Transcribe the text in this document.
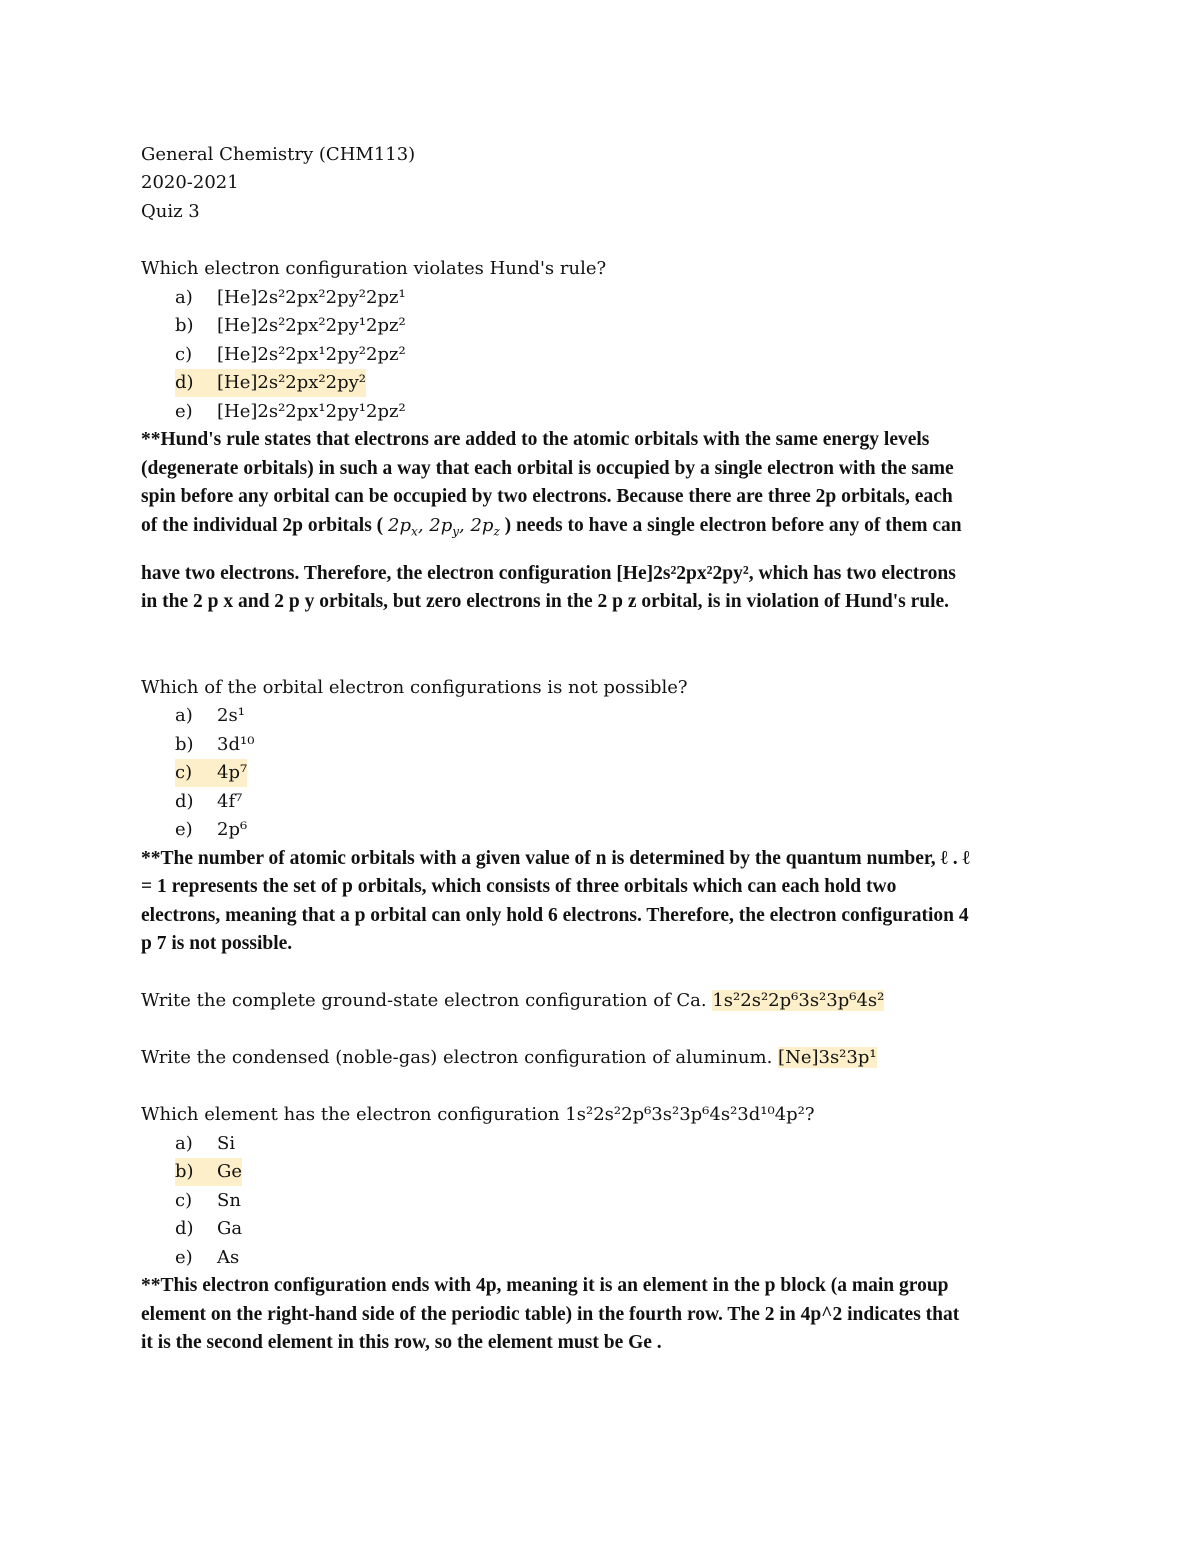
General Chemistry (CHM113)
2020-2021
Quiz 3
Which electron configuration violates Hund's rule?
a) [He]2s²2px²2py²2pz¹
b) [He]2s²2px²2py¹2pz²
c) [He]2s²2px¹2py²2pz²
d) [He]2s²2px²2py²
e) [He]2s²2px¹2py¹2pz²
**Hund's rule states that electrons are added to the atomic orbitals with the same energy levels
(degenerate orbitals) in such a way that each orbital is occupied by a single electron with the same
spin before any orbital can be occupied by two electrons. Because there are three 2p orbitals, each
of the individual 2p orbitals ( $2p_x$, $2p_y$, $2p_z$ ) needs to have a single electron before any of them can
have two electrons. Therefore, the electron configuration [He]2s²2px²2py², which has two electrons
in the 2 p x and 2 p y orbitals, but zero electrons in the 2 p z orbital, is in violation of Hund's rule.
Which of the orbital electron configurations is not possible?
a) 2s¹
b) 3d¹⁰
c) 4p⁷
d) 4f⁷
e) 2p⁶
**The number of atomic orbitals with a given value of n is determined by the quantum number, ℓ . ℓ
= 1 represents the set of p orbitals, which consists of three orbitals which can each hold two
electrons, meaning that a p orbital can only hold 6 electrons. Therefore, the electron configuration 4
p 7 is not possible.
Write the complete ground-state electron configuration of Ca. 1s²2s²2p⁶3s²3p⁶4s²
Write the condensed (noble-gas) electron configuration of aluminum. [Ne]3s²3p¹
Which element has the electron configuration 1s²2s²2p⁶3s²3p⁶4s²3d¹⁰4p²?
a) Si
b) Ge
c) Sn
d) Ga
e) As
**This electron configuration ends with 4p, meaning it is an element in the p block (a main group
element on the right-hand side of the periodic table) in the fourth row. The 2 in 4p^2 indicates that
it is the second element in this row, so the element must be Ge .
